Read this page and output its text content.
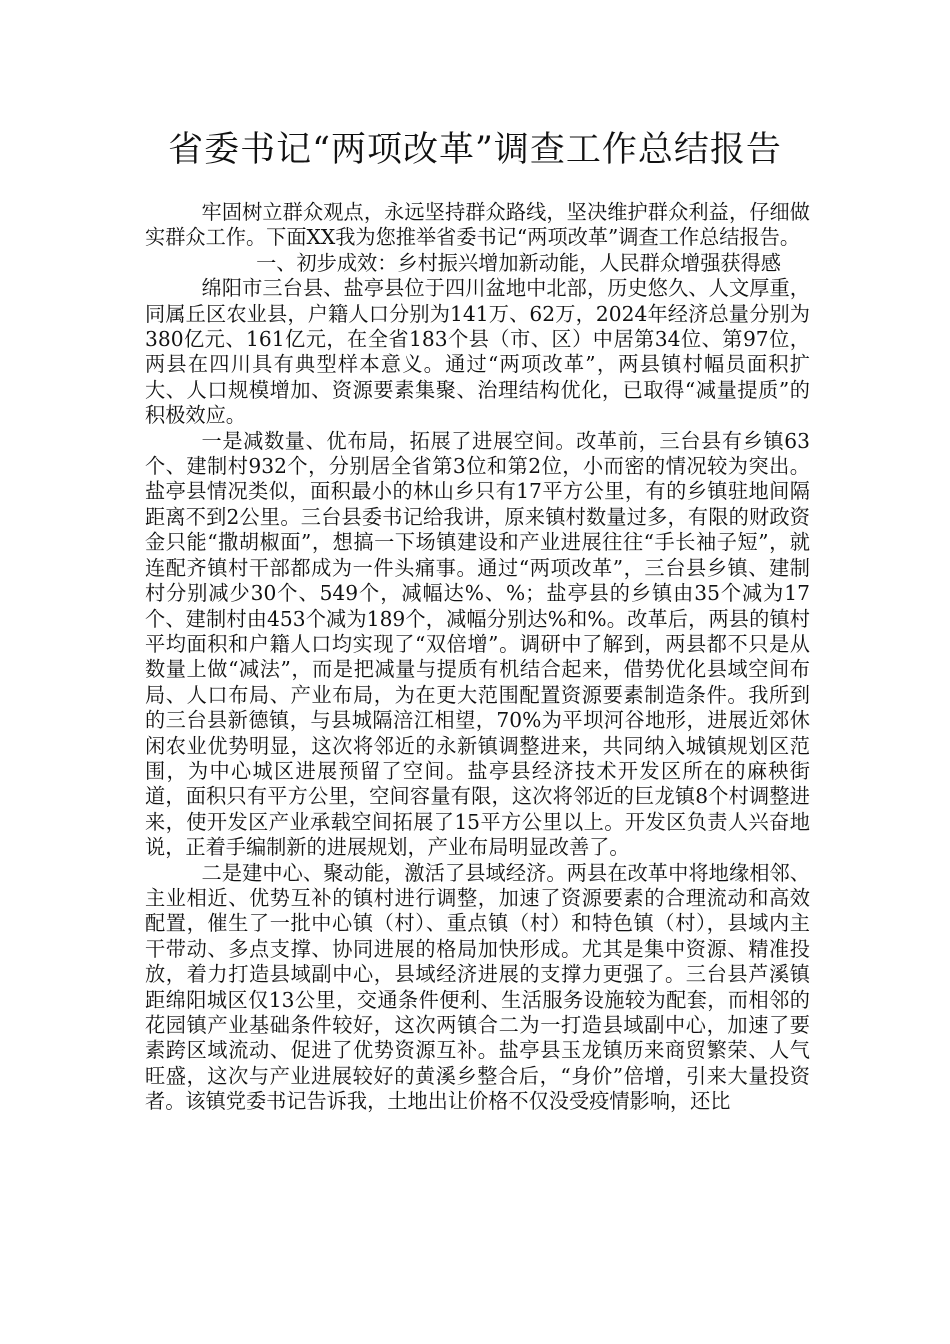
省委书记“两项改革”调查工作总结报告

牢固树立群众观点，永远坚持群众路线，坚决维护群众利益，仔细做实群众工作。下面XX我为您推举省委书记“两项改革”调查工作总结报告。

一、初步成效：乡村振兴增加新动能，人民群众增强获得感

绵阳市三台县、盐亭县位于四川盆地中北部，历史悠久、人文厚重，同属丘区农业县，户籍人口分别为141万、62万，2024年经济总量分别为380亿元、161亿元，在全省183个县（市、区）中居第34位、第97位，两县在四川具有典型样本意义。通过“两项改革”，两县镇村幅员面积扩大、人口规模增加、资源要素集聚、治理结构优化，已取得“减量提质”的积极效应。

一是减数量、优布局，拓展了进展空间。改革前，三台县有乡镇63个、建制村932个，分别居全省第3位和第2位，小而密的情况较为突出。盐亭县情况类似，面积最小的林山乡只有17平方公里，有的乡镇驻地间隔距离不到2公里。三台县委书记给我讲，原来镇村数量过多，有限的财政资金只能“撒胡椒面”，想搞一下场镇建设和产业进展往往“手长袖子短”，就连配齐镇村干部都成为一件头痛事。通过“两项改革”，三台县乡镇、建制村分别减少30个、549个，减幅达%、%；盐亭县的乡镇由35个减为17个、建制村由453个减为189个，减幅分别达%和%。改革后，两县的镇村平均面积和户籍人口均实现了“双倍增”。调研中了解到，两县都不只是从数量上做“减法”，而是把减量与提质有机结合起来，借势优化县域空间布局、人口布局、产业布局，为在更大范围配置资源要素制造条件。我所到的三台县新德镇，与县城隔涪江相望，70%为平坝河谷地形，进展近郊休闲农业优势明显，这次将邻近的永新镇调整进来，共同纳入城镇规划区范围，为中心城区进展预留了空间。盐亭县经济技术开发区所在的麻秧街道，面积只有平方公里，空间容量有限，这次将邻近的巨龙镇8个村调整进来，使开发区产业承载空间拓展了15平方公里以上。开发区负责人兴奋地说，正着手编制新的进展规划，产业布局明显改善了。

二是建中心、聚动能，激活了县域经济。两县在改革中将地缘相邻、主业相近、优势互补的镇村进行调整，加速了资源要素的合理流动和高效配置，催生了一批中心镇（村）、重点镇（村）和特色镇（村），县域内主干带动、多点支撑、协同进展的格局加快形成。尤其是集中资源、精准投放，着力打造县域副中心，县域经济进展的支撑力更强了。三台县芦溪镇距绵阳城区仅13公里，交通条件便利、生活服务设施较为配套，而相邻的花园镇产业基础条件较好，这次两镇合二为一打造县域副中心，加速了要素跨区域流动、促进了优势资源互补。盐亭县玉龙镇历来商贸繁荣、人气旺盛，这次与产业进展较好的黄溪乡整合后，“身价”倍增，引来大量投资者。该镇党委书记告诉我，土地出让价格不仅没受疫情影响，还比
